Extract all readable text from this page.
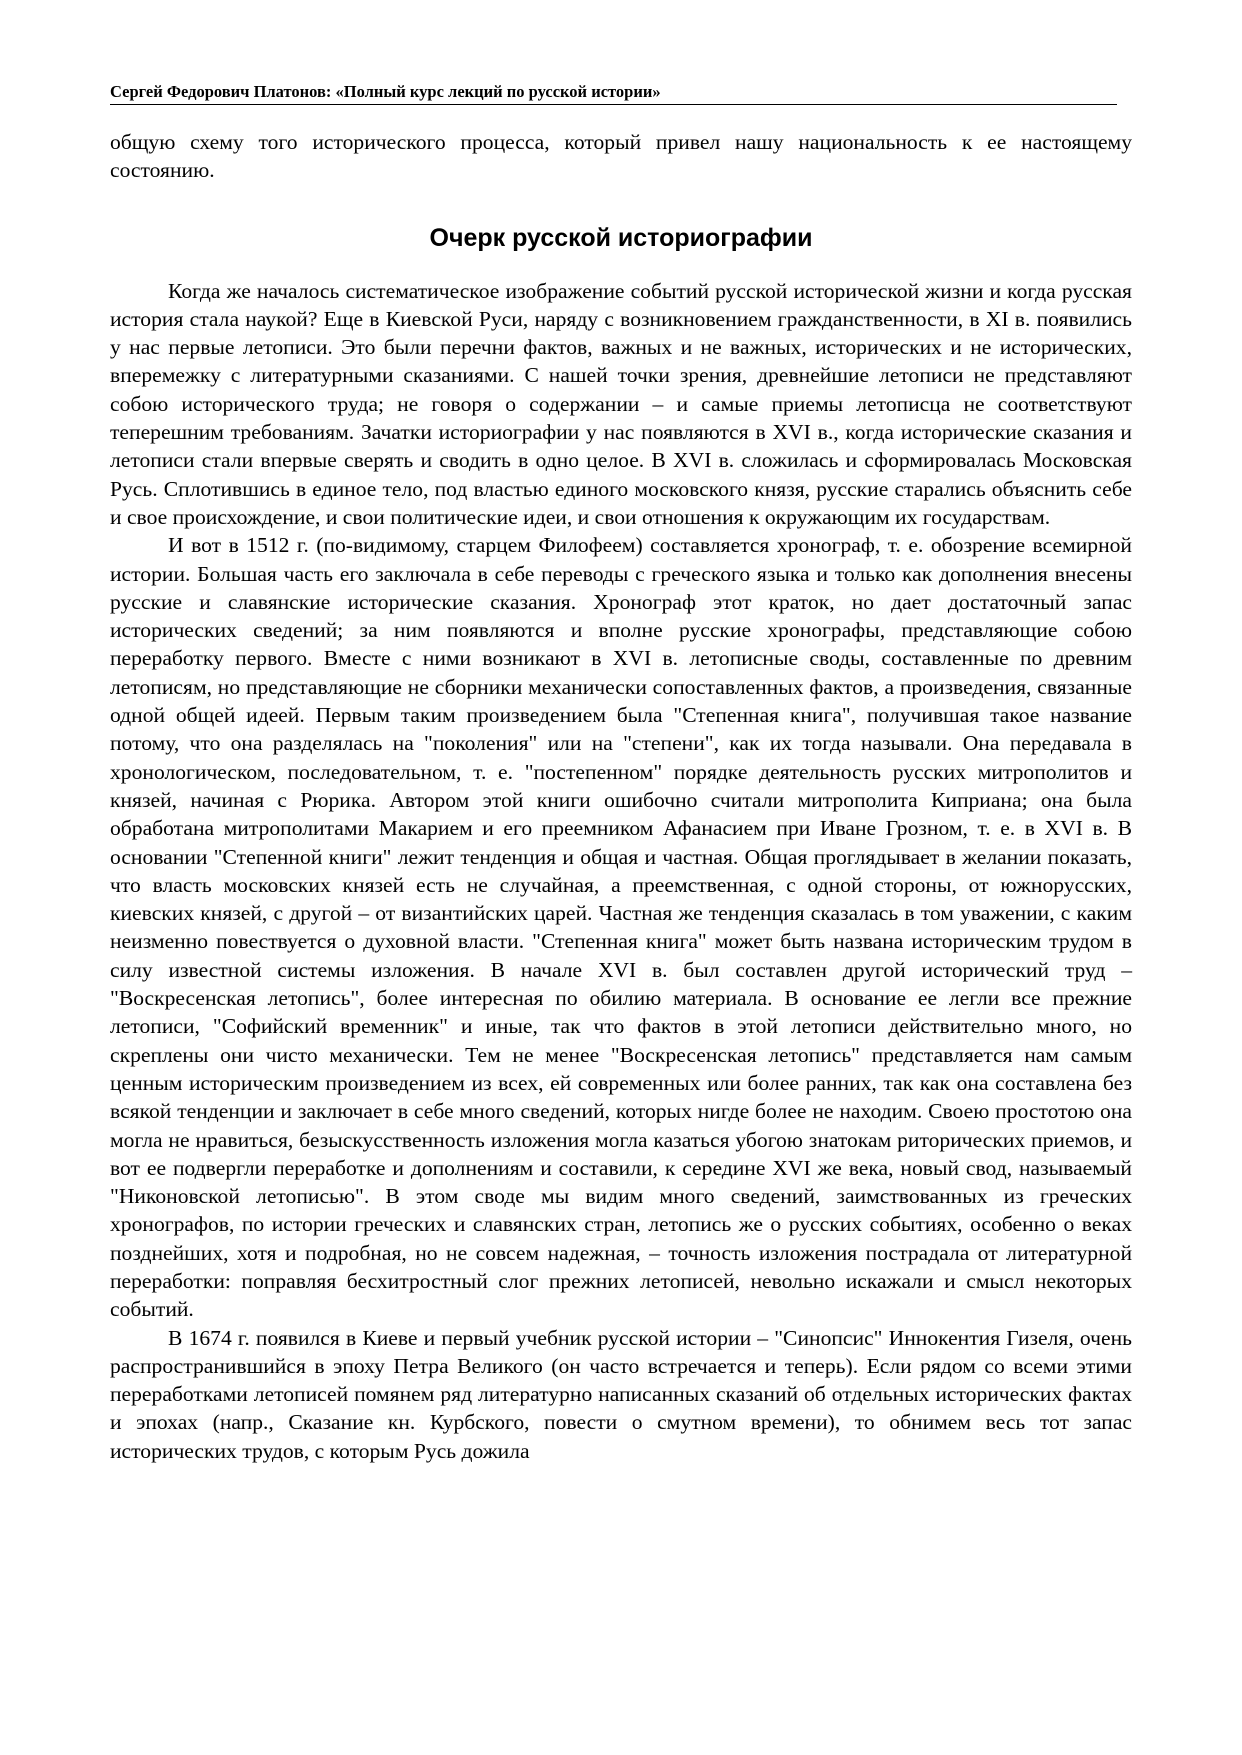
Сергей Федорович Платонов: «Полный курс лекций по русской истории»

общую схему того исторического процесса, который привел нашу национальность к ее настоящему состоянию.

Очерк русской историографии

Когда же началось систематическое изображение событий русской исторической жизни и когда русская история стала наукой? Еще в Киевской Руси, наряду с возникновением гражданственности, в XI в. появились у нас первые летописи. Это были перечни фактов, важных и не важных, исторических и не исторических, вперемежку с литературными сказаниями. С нашей точки зрения, древнейшие летописи не представляют собою исторического труда; не говоря о содержании – и самые приемы летописца не соответствуют теперешним требованиям. Зачатки историографии у нас появляются в XVI в., когда исторические сказания и летописи стали впервые сверять и сводить в одно целое. В XVI в. сложилась и сформировалась Московская Русь. Сплотившись в единое тело, под властью единого московского князя, русские старались объяснить себе и свое происхождение, и свои политические идеи, и свои отношения к окружающим их государствам.

И вот в 1512 г. (по-видимому, старцем Филофеем) составляется хронограф, т. е. обозрение всемирной истории. Большая часть его заключала в себе переводы с греческого языка и только как дополнения внесены русские и славянские исторические сказания. Хронограф этот краток, но дает достаточный запас исторических сведений; за ним появляются и вполне русские хронографы, представляющие собою переработку первого. Вместе с ними возникают в XVI в. летописные своды, составленные по древним летописям, но представляющие не сборники механически сопоставленных фактов, а произведения, связанные одной общей идеей. Первым таким произведением была "Степенная книга", получившая такое название потому, что она разделялась на "поколения" или на "степени", как их тогда называли. Она передавала в хронологическом, последовательном, т. е. "постепенном" порядке деятельность русских митрополитов и князей, начиная с Рюрика. Автором этой книги ошибочно считали митрополита Киприана; она была обработана митрополитами Макарием и его преемником Афанасием при Иване Грозном, т. е. в XVI в. В основании "Степенной книги" лежит тенденция и общая и частная. Общая проглядывает в желании показать, что власть московских князей есть не случайная, а преемственная, с одной стороны, от южнорусских, киевских князей, с другой – от византийских царей. Частная же тенденция сказалась в том уважении, с каким неизменно повествуется о духовной власти. "Степенная книга" может быть названа историческим трудом в силу известной системы изложения. В начале XVI в. был составлен другой исторический труд – "Воскресенская летопись", более интересная по обилию материала. В основание ее легли все прежние летописи, "Софийский временник" и иные, так что фактов в этой летописи действительно много, но скреплены они чисто механически. Тем не менее "Воскресенская летопись" представляется нам самым ценным историческим произведением из всех, ей современных или более ранних, так как она составлена без всякой тенденции и заключает в себе много сведений, которых нигде более не находим. Своею простотою она могла не нравиться, безыскусственность изложения могла казаться убогою знатокам риторических приемов, и вот ее подвергли переработке и дополнениям и составили, к середине XVI же века, новый свод, называемый "Никоновской летописью". В этом своде мы видим много сведений, заимствованных из греческих хронографов, по истории греческих и славянских стран, летопись же о русских событиях, особенно о веках позднейших, хотя и подробная, но не совсем надежная, – точность изложения пострадала от литературной переработки: поправляя бесхитростный слог прежних летописей, невольно искажали и смысл некоторых событий.

В 1674 г. появился в Киеве и первый учебник русской истории – "Синопсис" Иннокентия Гизеля, очень распространившийся в эпоху Петра Великого (он часто встречается и теперь). Если рядом со всеми этими переработками летописей помянем ряд литературно написанных сказаний об отдельных исторических фактах и эпохах (напр., Сказание кн. Курбского, повести о смутном времени), то обнимем весь тот запас исторических трудов, с которым Русь дожила
